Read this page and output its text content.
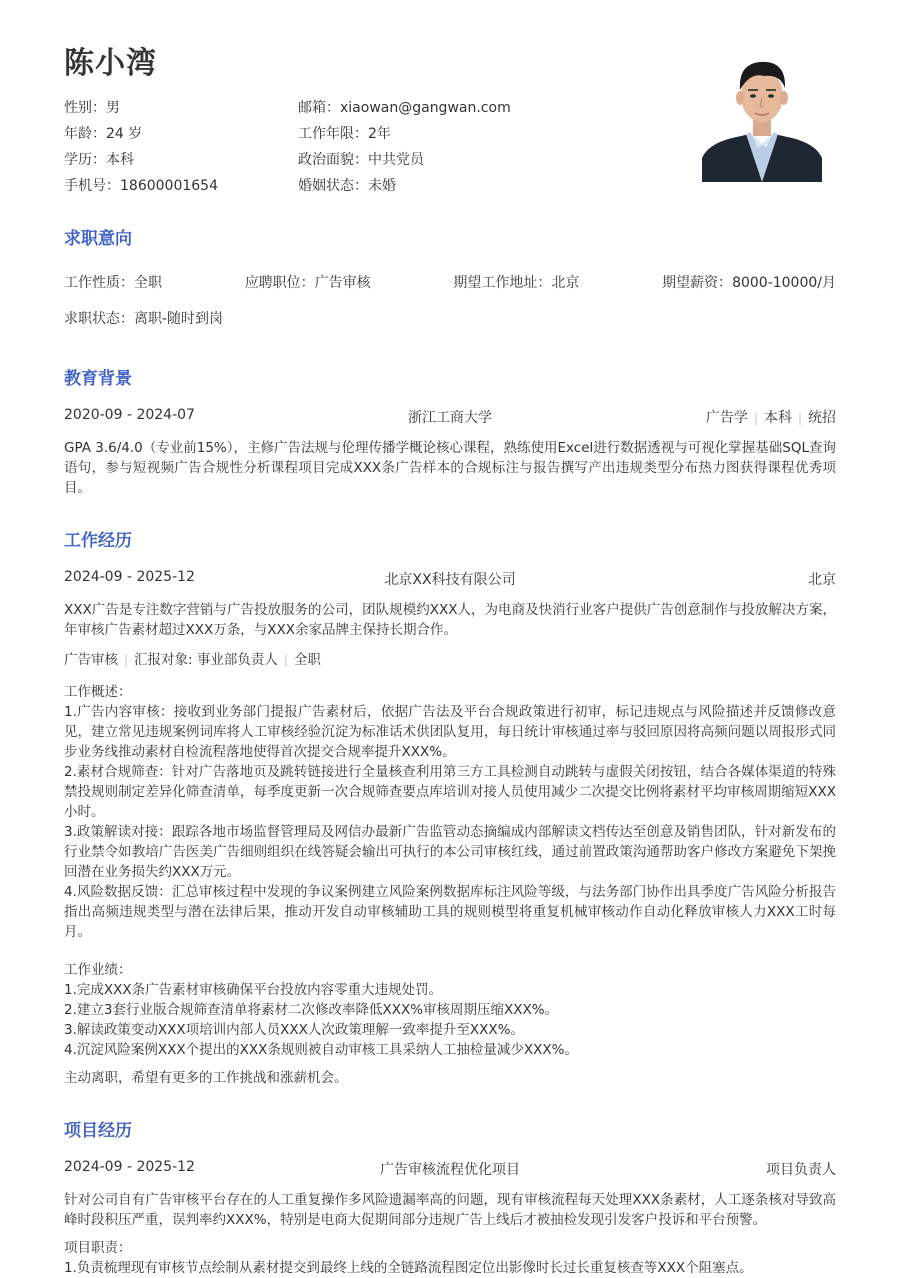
陈小湾
性别：男	邮箱：xiaowan@gangwan.com
年龄：24 岁	工作年限：2年
学历：本科	政治面貌：中共党员
手机号：18600001654	婚姻状态：未婚
求职意向
工作性质：全职	应聘职位：广告审核	期望工作地址：北京	期望薪资：8000-10000/月
求职状态：离职-随时到岗
教育背景
2020-09 - 2024-07	浙江工商大学	广告学 | 本科 | 统招

GPA 3.6/4.0（专业前15%），主修广告法规与伦理传播学概论核心课程，熟练使用Excel进行数据透视与可视化掌握基础SQL查询语句，参与短视频广告合规性分析课程项目完成XXX条广告样本的合规标注与报告撰写产出违规类型分布热力图获得课程优秀项目。

工作经历
2024-09 - 2025-12	北京XX科技有限公司	北京

XXX广告是专注数字营销与广告投放服务的公司，团队规模约XXX人，为电商及快消行业客户提供广告创意制作与投放解决方案，年审核广告素材超过XXX万条，与XXX余家品牌主保持长期合作。

广告审核 | 汇报对象: 事业部负责人 | 全职
工作概述：
1.广告内容审核：接收到业务部门提报广告素材后，依据广告法及平台合规政策进行初审，标记违规点与风险描述并反馈修改意见，建立常见违规案例词库将人工审核经验沉淀为标准话术供团队复用，每日统计审核通过率与驳回原因将高频问题以周报形式同步业务线推动素材自检流程落地使得首次提交合规率提升XXX%。
2.素材合规筛查：针对广告落地页及跳转链接进行全量核查利用第三方工具检测自动跳转与虚假关闭按钮，结合各媒体渠道的特殊禁投规则制定差异化筛查清单，每季度更新一次合规筛查要点库培训对接人员使用减少二次提交比例将素材平均审核周期缩短XXX小时。
3.政策解读对接：跟踪各地市场监督管理局及网信办最新广告监管动态摘编成内部解读文档传达至创意及销售团队，针对新发布的行业禁令如教培广告医美广告细则组织在线答疑会输出可执行的本公司审核红线，通过前置政策沟通帮助客户修改方案避免下架挽回潜在业务损失约XXX万元。
4.风险数据反馈：汇总审核过程中发现的争议案例建立风险案例数据库标注风险等级，与法务部门协作出具季度广告风险分析报告指出高频违规类型与潜在法律后果，推动开发自动审核辅助工具的规则模型将重复机械审核动作自动化释放审核人力XXX工时每月。
工作业绩：
1.完成XXX条广告素材审核确保平台投放内容零重大违规处罚。
2.建立3套行业版合规筛查清单将素材二次修改率降低XXX%审核周期压缩XXX%。
3.解读政策变动XXX项培训内部人员XXX人次政策理解一致率提升至XXX%。
4.沉淀风险案例XXX个提出的XXX条规则被自动审核工具采纳人工抽检量减少XXX%。
主动离职，希望有更多的工作挑战和涨薪机会。
项目经历
2024-09 - 2025-12	广告审核流程优化项目	项目负责人

针对公司自有广告审核平台存在的人工重复操作多风险遗漏率高的问题，现有审核流程每天处理XXX条素材，人工逐条核对导致高峰时段积压严重，误判率约XXX%，特别是电商大促期间部分违规广告上线后才被抽检发现引发客户投诉和平台预警。

项目职责：
1.负责梳理现有审核节点绘制从素材提交到最终上线的全链路流程图定位出影像时长过长重复核查等XXX个阻塞点。
